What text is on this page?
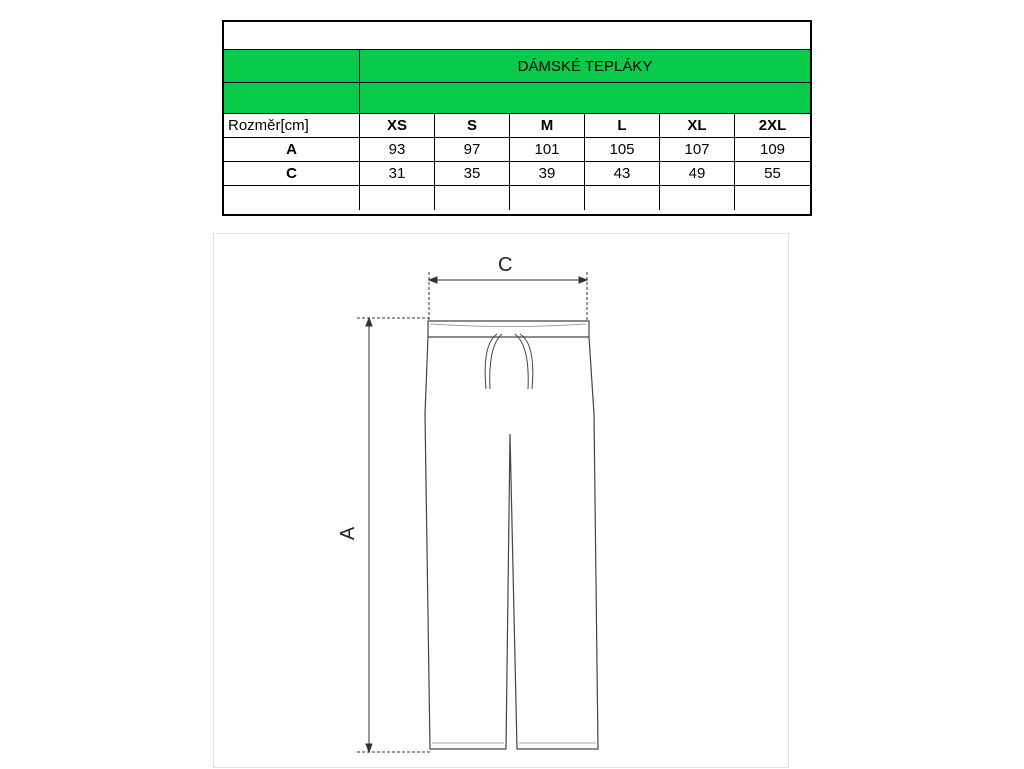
DÁMSKÉ TEPLÁKY
Rozměr[cm]	XS	S	M	L	XL	2XL
A	93	97	101	105	107	109
C	31	35	39	43	49	55
C
A
